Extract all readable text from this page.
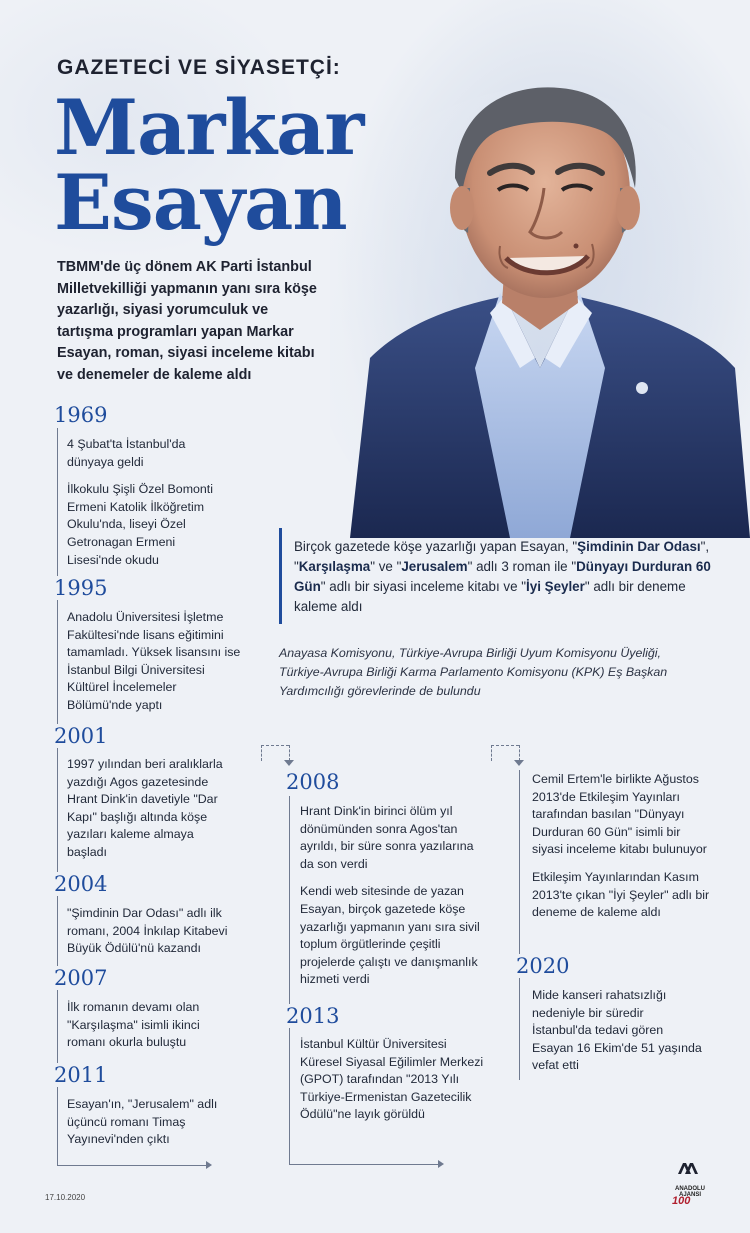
GAZETECİ VE SİYASETÇİ:
Markar
Esayan
TBMM'de üç dönem AK Parti İstanbul Milletvekilliği yapmanın yanı sıra köşe yazarlığı, siyasi yorumculuk ve tartışma programları yapan Markar Esayan, roman, siyasi inceleme kitabı ve denemeler de kaleme aldı
Birçok gazetede köşe yazarlığı yapan Esayan, "Şimdinin Dar Odası", "Karşılaşma" ve "Jerusalem" adlı 3 roman ile "Dünyayı Durduran 60 Gün" adlı bir siyasi inceleme kitabı ve "İyi Şeyler" adlı bir deneme kaleme aldı
Anayasa Komisyonu, Türkiye-Avrupa Birliği Uyum Komisyonu Üyeliği, Türkiye-Avrupa Birliği Karma Parlamento Komisyonu (KPK) Eş Başkan Yardımcılığı görevlerinde de bulundu
1969

4 Şubat'ta İstanbul'da dünyaya geldi

İlkokulu Şişli Özel Bomonti Ermeni Katolik İlköğretim Okulu'nda, liseyi Özel Getronagan Ermeni Lisesi'nde okudu

1995

Anadolu Üniversitesi İşletme Fakültesi'nde lisans eğitimini tamamladı. Yüksek lisansını ise İstanbul Bilgi Üniversitesi Kültürel İncelemeler Bölümü'nde yaptı

2001

1997 yılından beri aralıklarla yazdığı Agos gazetesinde Hrant Dink'in davetiyle "Dar Kapı" başlığı altında köşe yazıları kaleme almaya başladı

2004

"Şimdinin Dar Odası" adlı ilk romanı, 2004 İnkılap Kitabevi Büyük Ödülü'nü kazandı

2007

İlk romanın devamı olan "Karşılaşma" isimli ikinci romanı okurla buluştu

2011

Esayan'ın, "Jerusalem" adlı üçüncü romanı Timaş Yayınevi'nden çıktı

2008

Hrant Dink'in birinci ölüm yıl dönümünden sonra Agos'tan ayrıldı, bir süre sonra yazılarına da son verdi

Kendi web sitesinde de yazan Esayan, birçok gazetede köşe yazarlığı yapmanın yanı sıra sivil toplum örgütlerinde çeşitli projelerde çalıştı ve danışmanlık hizmeti verdi

2013

İstanbul Kültür Üniversitesi Küresel Siyasal Eğilimler Merkezi (GPOT) tarafından "2013 Yılı Türkiye-Ermenistan Gazetecilik Ödülü"ne layık görüldü

Cemil Ertem'le birlikte Ağustos 2013'de Etkileşim Yayınları tarafından basılan "Dünyayı Durduran 60 Gün" isimli bir siyasi inceleme kitabı bulunuyor

Etkileşim Yayınlarından Kasım 2013'te çıkan "İyi Şeyler" adlı bir deneme de kaleme aldı

2020

Mide kanseri rahatsızlığı nedeniyle bir süredir İstanbul'da tedavi gören Esayan 16 Ekim'de 51 yaşında vefat etti

17.10.2020
ANADOLU AJANSI
100
